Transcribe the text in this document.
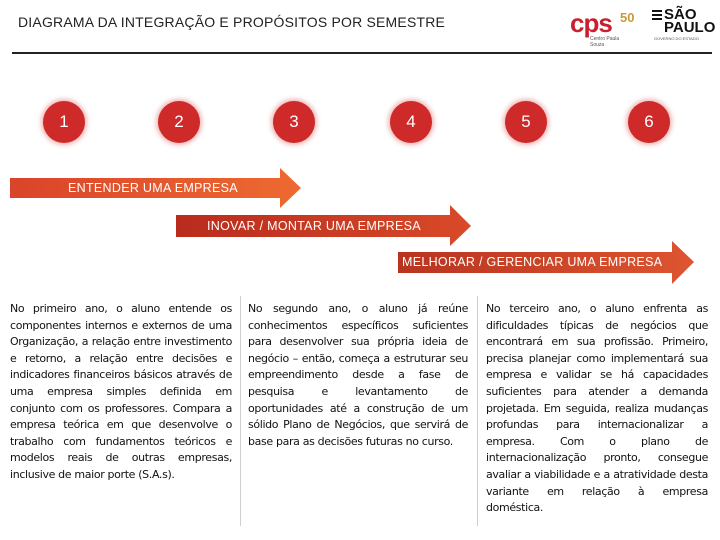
DIAGRAMA DA INTEGRAÇÃO E PROPÓSITOS POR SEMESTRE	cps 50
Centro Paula Souza
SÃO PAULO
GOVERNO DO ESTADO
1	2	3	4	5	6
ENTENDER UMA EMPRESA
INOVAR / MONTAR UMA EMPRESA
MELHORAR / GERENCIAR UMA EMPRESA
No primeiro ano, o aluno entende os componentes internos e externos de uma Organização, a relação entre investimento e retorno, a relação entre decisões e indicadores financeiros básicos através de uma empresa simples definida em conjunto com os professores. Compara a empresa teórica em que desenvolve o trabalho com fundamentos teóricos e modelos reais de outras empresas, inclusive de maior porte (S.A.s).
No segundo ano, o aluno já reúne conhecimentos específicos suficientes para desenvolver sua própria ideia de negócio – então, começa a estruturar seu empreendimento desde a fase de pesquisa e levantamento de oportunidades até a construção de um sólido Plano de Negócios, que servirá de base para as decisões futuras no curso.
No terceiro ano, o aluno enfrenta as dificuldades típicas de negócios que encontrará em sua profissão. Primeiro, precisa planejar como implementará sua empresa e validar se há capacidades suficientes para atender a demanda projetada. Em seguida, realiza mudanças profundas para internacionalizar a empresa. Com o plano de internacionalização pronto, consegue avaliar a viabilidade e a atratividade desta variante em relação à empresa doméstica.
